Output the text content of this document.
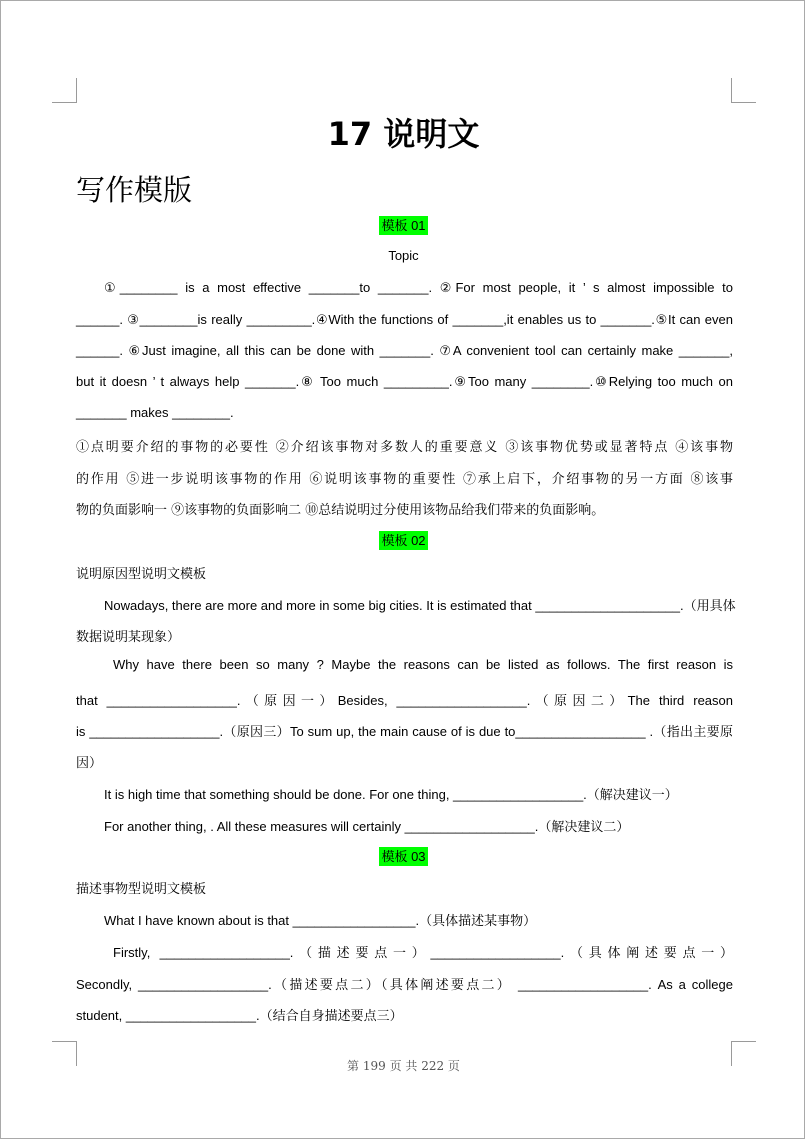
17 说明文
写作模版
模板 01
Topic
①________ is a most effective _______to _______. ②For most people, it ’ s almost impossible to
______. ③________is really _________.④With the functions of _______,it enables us to _______.⑤It can even
______. ⑥Just imagine, all this can be done with _______. ⑦A convenient tool can certainly make _______,
but it doesn ’ t always help _______.⑧ Too much _________.⑨Too many ________.⑩Relying too much on
_______ makes ________.
①点明要介绍的事物的必要性 ②介绍该事物对多数人的重要意义 ③该事物优势或显著特点 ④该事物
的作用 ⑤进一步说明该事物的作用 ⑥说明该事物的重要性 ⑦承上启下，介绍事物的另一方面 ⑧该事
物的负面影响一 ⑨该事物的负面影响二 ⑩总结说明过分使用该物品给我们带来的负面影响。
模板 02
说明原因型说明文模板
Nowadays, there are more and more in some big cities. It is estimated that ____________________.（用具体
数据说明某现象）
Why have there been so many ? Maybe the reasons can be listed as follows. The first reason is
that __________________.（原因一）Besides, __________________.（原因二）The third reason
is __________________.（原因三）To sum up, the main cause of is due to__________________ .（指出主要原
因）
It is high time that something should be done. For one thing, __________________.（解决建议一）
For another thing, . All these measures will certainly __________________.（解决建议二）
模板 03
描述事物型说明文模板
What I have known about is that _________________.（具体描述某事物）
Firstly, __________________.（描述要点一）__________________.（具体阐述要点一）
Secondly, __________________.（描述要点二）（具体阐述要点二） __________________. As a college
student, __________________.（结合自身描述要点三）
第 199 页 共 222 页
